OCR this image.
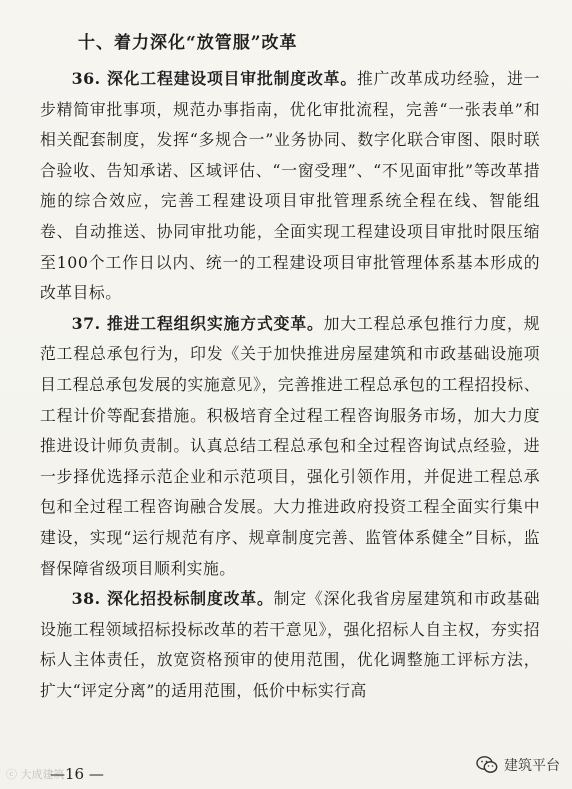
十、着力深化“放管服”改革

36. 深化工程建设项目审批制度改革。推广改革成功经验，进一步精简审批事项，规范办事指南，优化审批流程，完善“一张表单”和相关配套制度，发挥“多规合一”业务协同、数字化联合审图、限时联合验收、告知承诺、区域评估、“一窗受理”、“不见面审批”等改革措施的综合效应，完善工程建设项目审批管理系统全程在线、智能组卷、自动推送、协同审批功能，全面实现工程建设项目审批时限压缩至100个工作日以内、统一的工程建设项目审批管理体系基本形成的改革目标。

37. 推进工程组织实施方式变革。加大工程总承包推行力度，规范工程总承包行为，印发《关于加快推进房屋建筑和市政基础设施项目工程总承包发展的实施意见》，完善推进工程总承包的工程招投标、工程计价等配套措施。积极培育全过程工程咨询服务市场，加大力度推进设计师负责制。认真总结工程总承包和全过程咨询试点经验，进一步择优选择示范企业和示范项目，强化引领作用，并促进工程总承包和全过程工程咨询融合发展。大力推进政府投资工程全面实行集中建设，实现“运行规范有序、规章制度完善、监管体系健全”目标，监督保障省级项目顺利实施。

38. 深化招投标制度改革。制定《深化我省房屋建筑和市政基础设施工程领域招标投标改革的若干意见》，强化招标人自主权，夯实招标人主体责任，放宽资格预审的使用范围，优化调整施工评标方法，扩大“评定分离”的适用范围，低价中标实行高

ⓒ 大成建筑
—16 —	建筑平台
